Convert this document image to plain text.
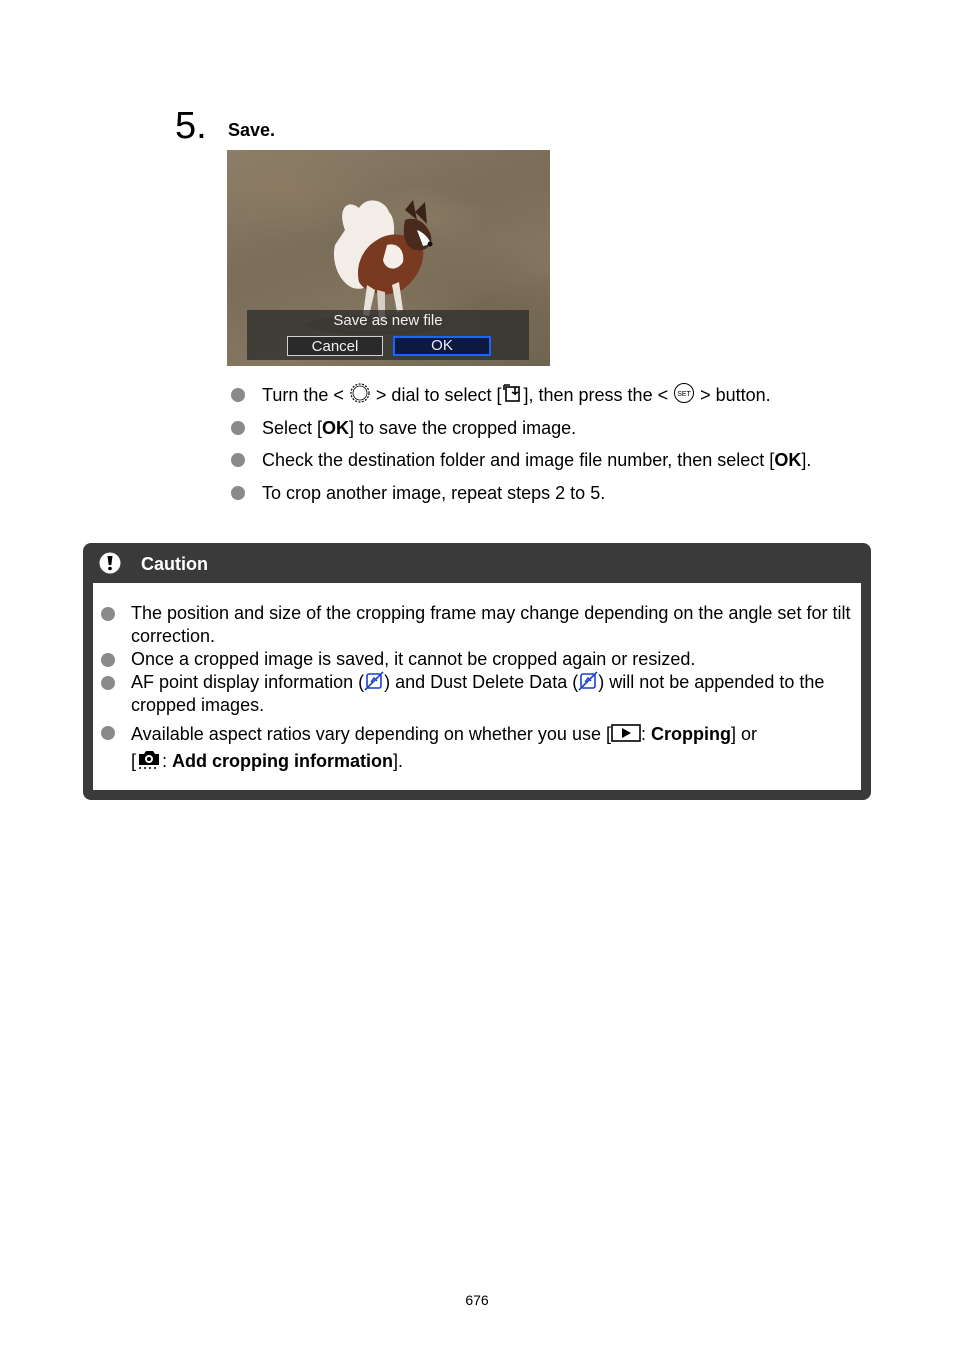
5. Save.
Save as new file
Cancel	OK
Turn the < > dial to select [ ], then press the < SET > button.
Select [OK] to save the cropped image.
Check the destination folder and image file number, then select [OK].
To crop another image, repeat steps 2 to 5.
Caution
The position and size of the cropping frame may change depending on the angle set for tilt correction.
Once a cropped image is saved, it cannot be cropped again or resized.
AF point display information ( ) and Dust Delete Data ( ) will not be appended to the cropped images.
Available aspect ratios vary depending on whether you use [ : Cropping] or
[ : Add cropping information].
676
